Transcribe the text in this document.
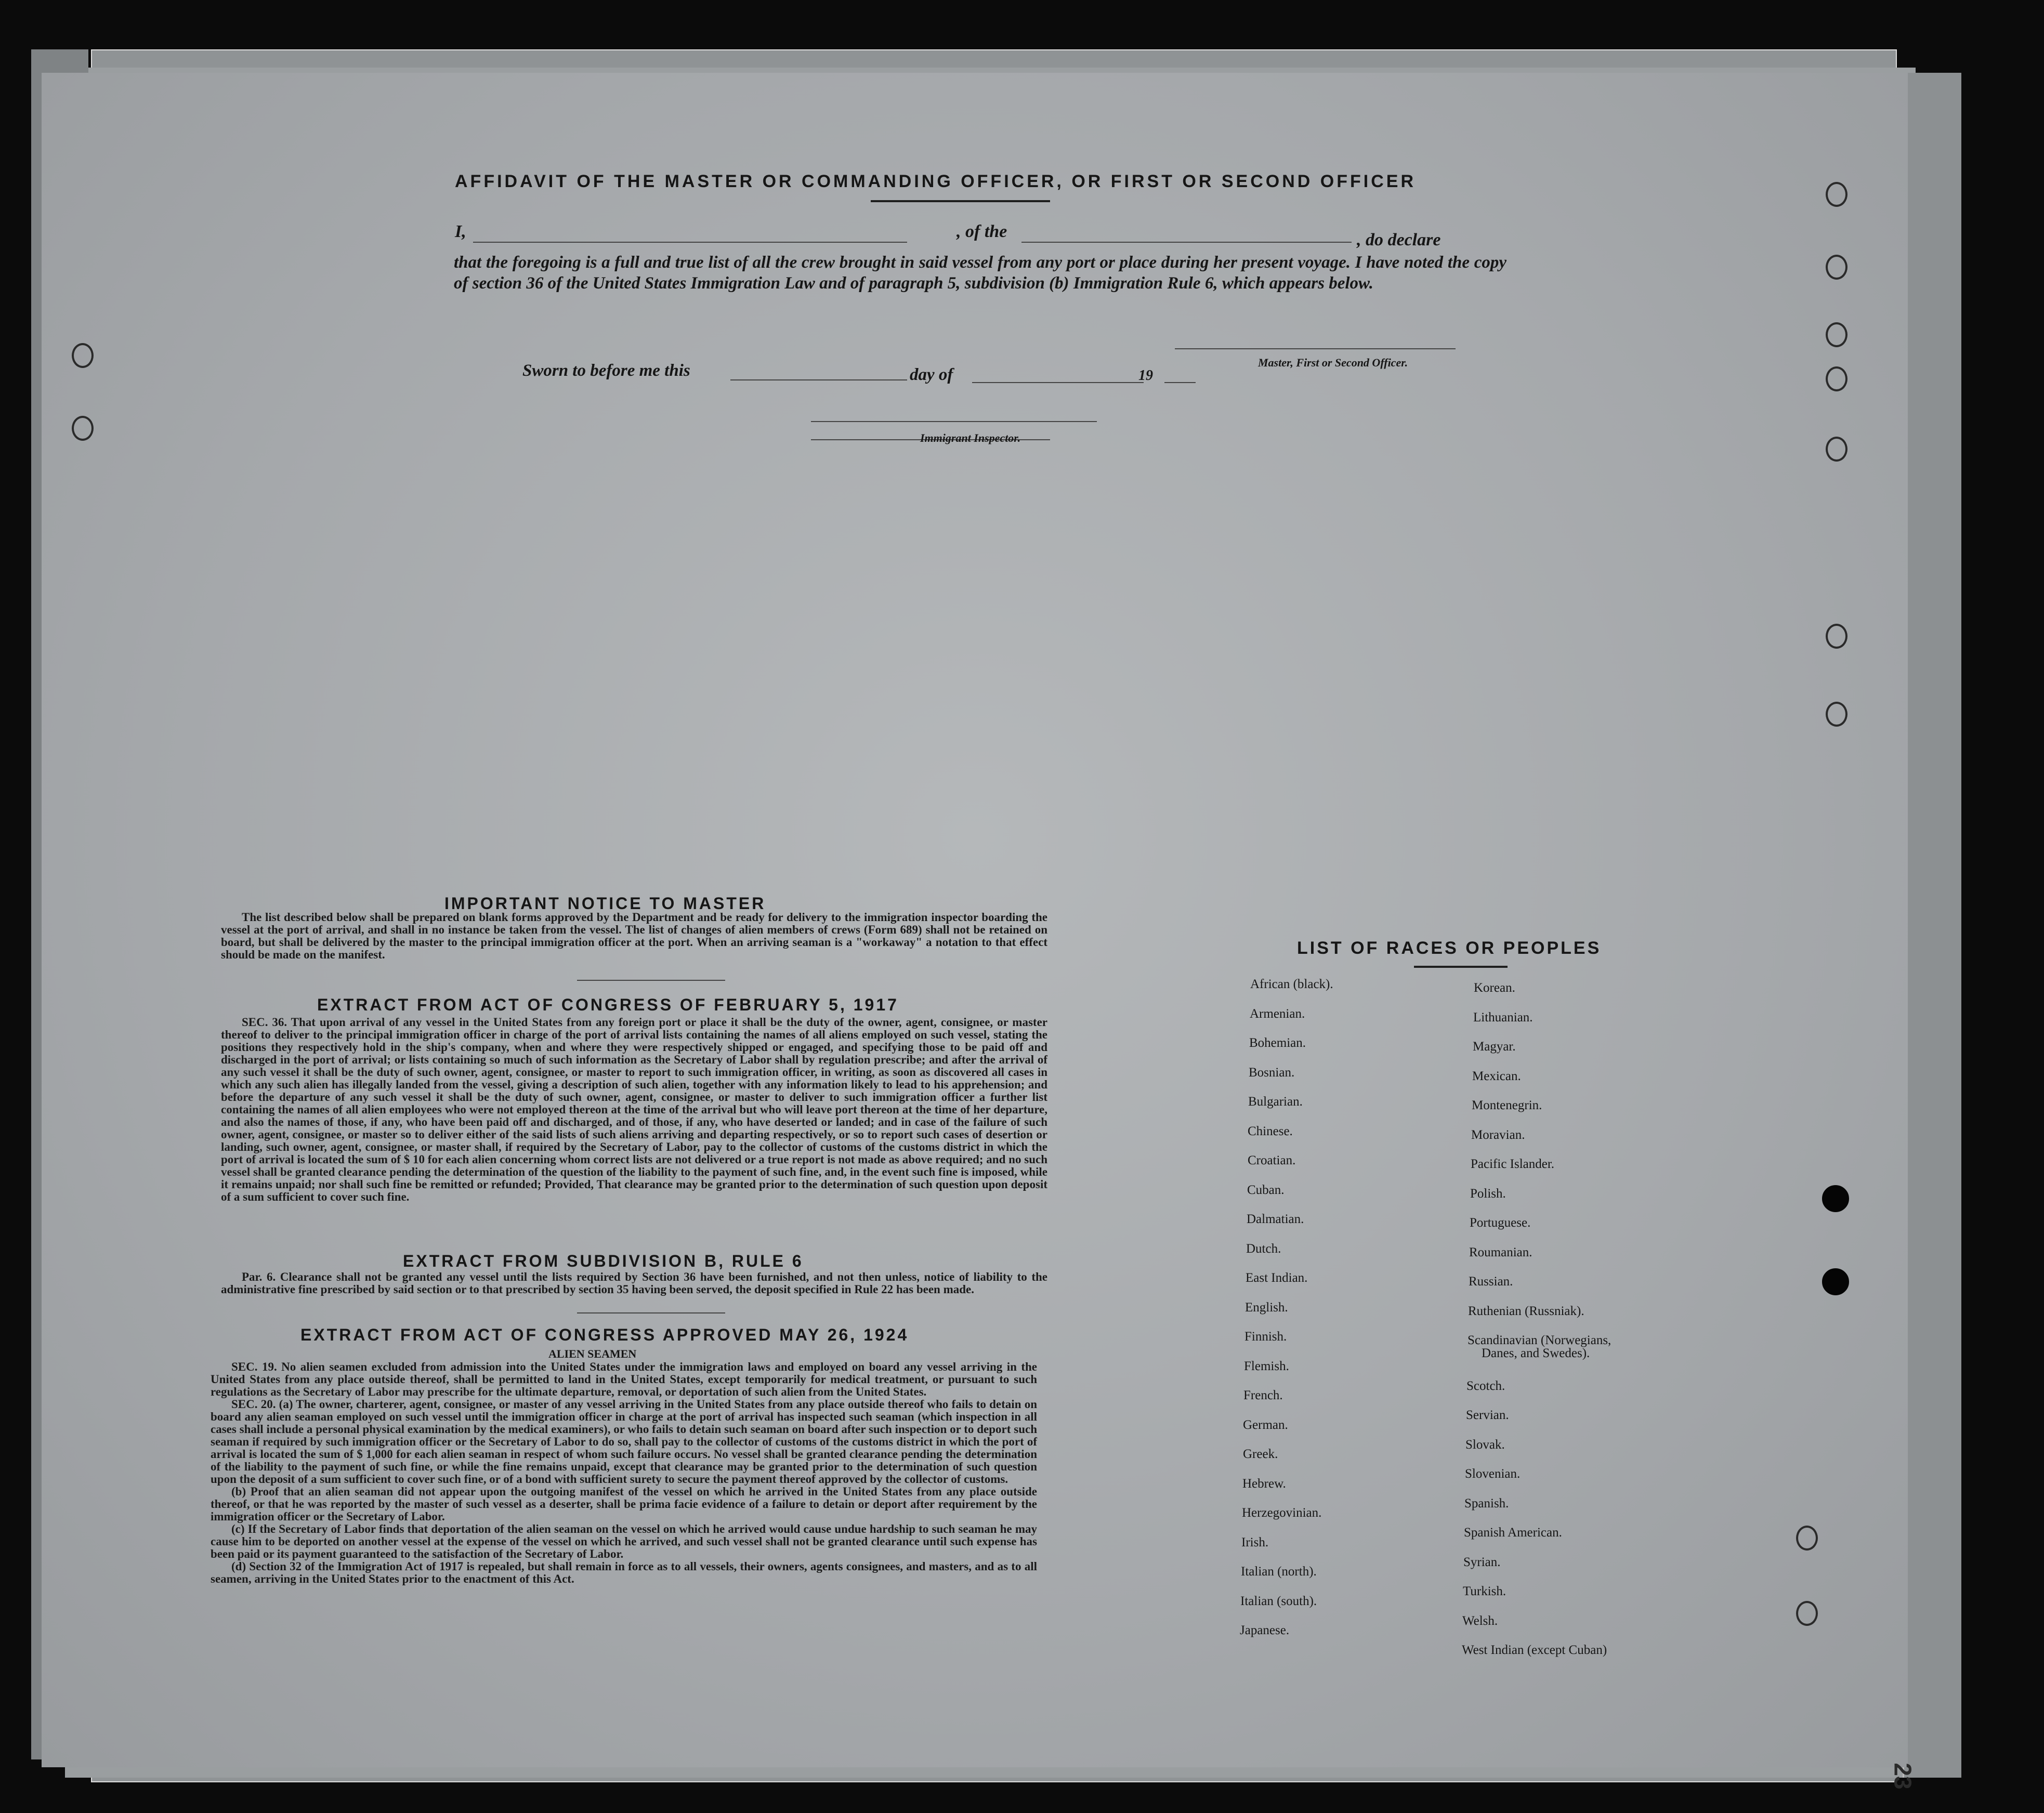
AFFIDAVIT OF THE MASTER OR COMMANDING OFFICER, OR FIRST OR SECOND OFFICER
I,	, of the	, do declare
that the foregoing is a full and true list of all the crew brought in said vessel from any port or place during her present voyage. I have noted the copy of section 36 of the United States Immigration Law and of paragraph 5, subdivision (b) Immigration Rule 6, which appears below.
Master, First or Second Officer.
Sworn to before me this	day of	19
Immigrant Inspector.
IMPORTANT NOTICE TO MASTER

The list described below shall be prepared on blank forms approved by the Department and be ready for delivery to the immigration inspector boarding the vessel at the port of arrival, and shall in no instance be taken from the vessel. The list of changes of alien members of crews (Form 689) shall not be retained on board, but shall be delivered by the master to the principal immigration officer at the port. When an arriving seaman is a "workaway" a notation to that effect should be made on the manifest.

EXTRACT FROM ACT OF CONGRESS OF FEBRUARY 5, 1917

SEC. 36. That upon arrival of any vessel in the United States from any foreign port or place it shall be the duty of the owner, agent, consignee, or master thereof to deliver to the principal immigration officer in charge of the port of arrival lists containing the names of all aliens employed on such vessel, stating the positions they respectively hold in the ship's company, when and where they were respectively shipped or engaged, and specifying those to be paid off and discharged in the port of arrival; or lists containing so much of such information as the Secretary of Labor shall by regulation prescribe; and after the arrival of any such vessel it shall be the duty of such owner, agent, consignee, or master to report to such immigration officer, in writing, as soon as discovered all cases in which any such alien has illegally landed from the vessel, giving a description of such alien, together with any information likely to lead to his apprehension; and before the departure of any such vessel it shall be the duty of such owner, agent, consignee, or master to deliver to such immigration officer a further list containing the names of all alien employees who were not employed thereon at the time of the arrival but who will leave port thereon at the time of her departure, and also the names of those, if any, who have been paid off and discharged, and of those, if any, who have deserted or landed; and in case of the failure of such owner, agent, consignee, or master so to deliver either of the said lists of such aliens arriving and departing respectively, or so to report such cases of desertion or landing, such owner, agent, consignee, or master shall, if required by the Secretary of Labor, pay to the collector of customs of the customs district in which the port of arrival is located the sum of $ 10 for each alien concerning whom correct lists are not delivered or a true report is not made as above required; and no such vessel shall be granted clearance pending the determination of the question of the liability to the payment of such fine, and, in the event such fine is imposed, while it remains unpaid; nor shall such fine be remitted or refunded; Provided, That clearance may be granted prior to the determination of such question upon deposit of a sum sufficient to cover such fine.

EXTRACT FROM SUBDIVISION B, RULE 6

Par. 6. Clearance shall not be granted any vessel until the lists required by Section 36 have been furnished, and not then unless, notice of liability to the administrative fine prescribed by said section or to that prescribed by section 35 having been served, the deposit specified in Rule 22 has been made.

EXTRACT FROM ACT OF CONGRESS APPROVED MAY 26, 1924
ALIEN SEAMEN

SEC. 19. No alien seamen excluded from admission into the United States under the immigration laws and employed on board any vessel arriving in the United States from any place outside thereof, shall be permitted to land in the United States, except temporarily for medical treatment, or pursuant to such regulations as the Secretary of Labor may prescribe for the ultimate departure, removal, or deportation of such alien from the United States.

SEC. 20. (a) The owner, charterer, agent, consignee, or master of any vessel arriving in the United States from any place outside thereof who fails to detain on board any alien seaman employed on such vessel until the immigration officer in charge at the port of arrival has inspected such seaman (which inspection in all cases shall include a personal physical examination by the medical examiners), or who fails to detain such seaman on board after such inspection or to deport such seaman if required by such immigration officer or the Secretary of Labor to do so, shall pay to the collector of customs of the customs district in which the port of arrival is located the sum of $ 1,000 for each alien seaman in respect of whom such failure occurs. No vessel shall be granted clearance pending the determination of the liability to the payment of such fine, or while the fine remains unpaid, except that clearance may be granted prior to the determination of such question upon the deposit of a sum sufficient to cover such fine, or of a bond with sufficient surety to secure the payment thereof approved by the collector of customs.

(b) Proof that an alien seaman did not appear upon the outgoing manifest of the vessel on which he arrived in the United States from any place outside thereof, or that he was reported by the master of such vessel as a deserter, shall be prima facie evidence of a failure to detain or deport after requirement by the immigration officer or the Secretary of Labor.

(c) If the Secretary of Labor finds that deportation of the alien seaman on the vessel on which he arrived would cause undue hardship to such seaman he may cause him to be deported on another vessel at the expense of the vessel on which he arrived, and such vessel shall not be granted clearance until such expense has been paid or its payment guaranteed to the satisfaction of the Secretary of Labor.

(d) Section 32 of the Immigration Act of 1917 is repealed, but shall remain in force as to all vessels, their owners, agents consignees, and masters, and as to all seamen, arriving in the United States prior to the enactment of this Act.

LIST OF RACES OR PEOPLES
23
African (black).
Armenian.
Bohemian.
Bosnian.
Bulgarian.
Chinese.
Croatian.
Cuban.
Dalmatian.
Dutch.
East Indian.
English.
Finnish.
Flemish.
French.
German.
Greek.
Hebrew.
Herzegovinian.
Irish.
Italian (north).
Italian (south).
Japanese.
Korean.
Lithuanian.
Magyar.
Mexican.
Montenegrin.
Moravian.
Pacific Islander.
Polish.
Portuguese.
Roumanian.
Russian.
Ruthenian (Russniak).
Scandinavian (Norwegians,
Danes, and Swedes).
Scotch.
Servian.
Slovak.
Slovenian.
Spanish.
Spanish American.
Syrian.
Turkish.
Welsh.
West Indian (except Cuban)
